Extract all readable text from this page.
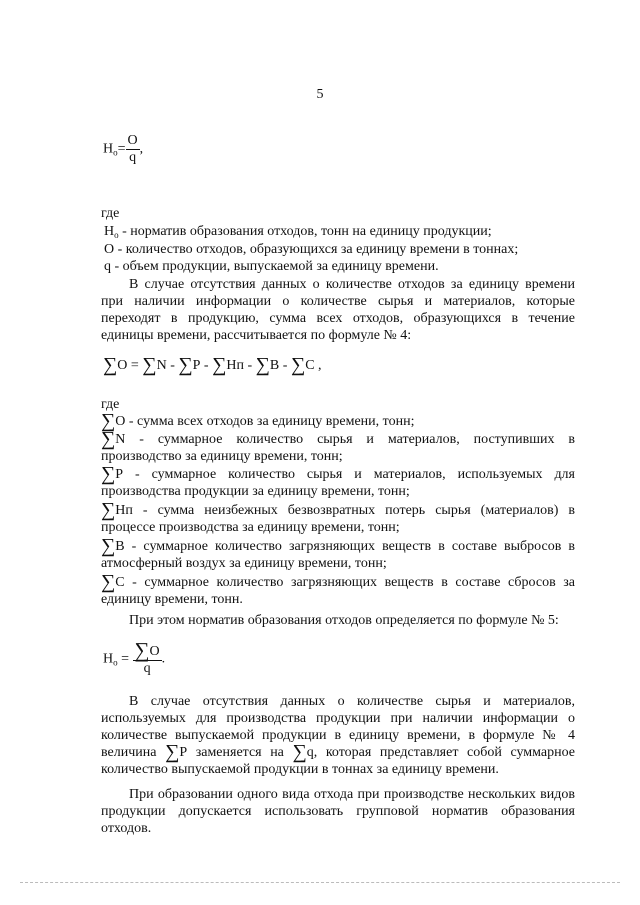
5
$Н_о= \frac{О}{q}$ ,
где
$Н_о$ - норматив образования отходов, тонн на единицу продукции;
О - количество отходов, образующихся за единицу времени в тоннах;
q - объем продукции, выпускаемой за единицу времени.
В случае отсутствия данных о количестве отходов за единицу времени при наличии информации о количестве сырья и материалов, которые переходят в продукцию, сумма всех отходов, образующихся в течение единицы времени, рассчитывается по формуле № 4:
∑О = ∑N - ∑Р - ∑Нп - ∑В - ∑С ,
где
∑О - сумма всех отходов за единицу времени, тонн;
∑N - суммарное количество сырья и материалов, поступивших в производство за единицу времени, тонн;
∑Р - суммарное количество сырья и материалов, используемых для производства продукции за единицу времени, тонн;
∑Нп - сумма неизбежных безвозвратных потерь сырья (материалов) в процессе производства за единицу времени, тонн;
∑В - суммарное количество загрязняющих веществ в составе выбросов в атмосферный воздух за единицу времени, тонн;
∑С - суммарное количество загрязняющих веществ в составе сбросов за единицу времени, тонн.
При этом норматив образования отходов определяется по формуле № 5:
$Н_о = \frac{\sum О}{q}$ .
В случае отсутствия данных о количестве сырья и материалов, используемых для производства продукции при наличии информации о количестве выпускаемой продукции в единицу времени, в формуле № 4 величина ∑Р заменяется на ∑q, которая представляет собой суммарное количество выпускаемой продукции в тоннах за единицу времени.
При образовании одного вида отхода при производстве нескольких видов продукции допускается использовать групповой норматив образования отходов.
